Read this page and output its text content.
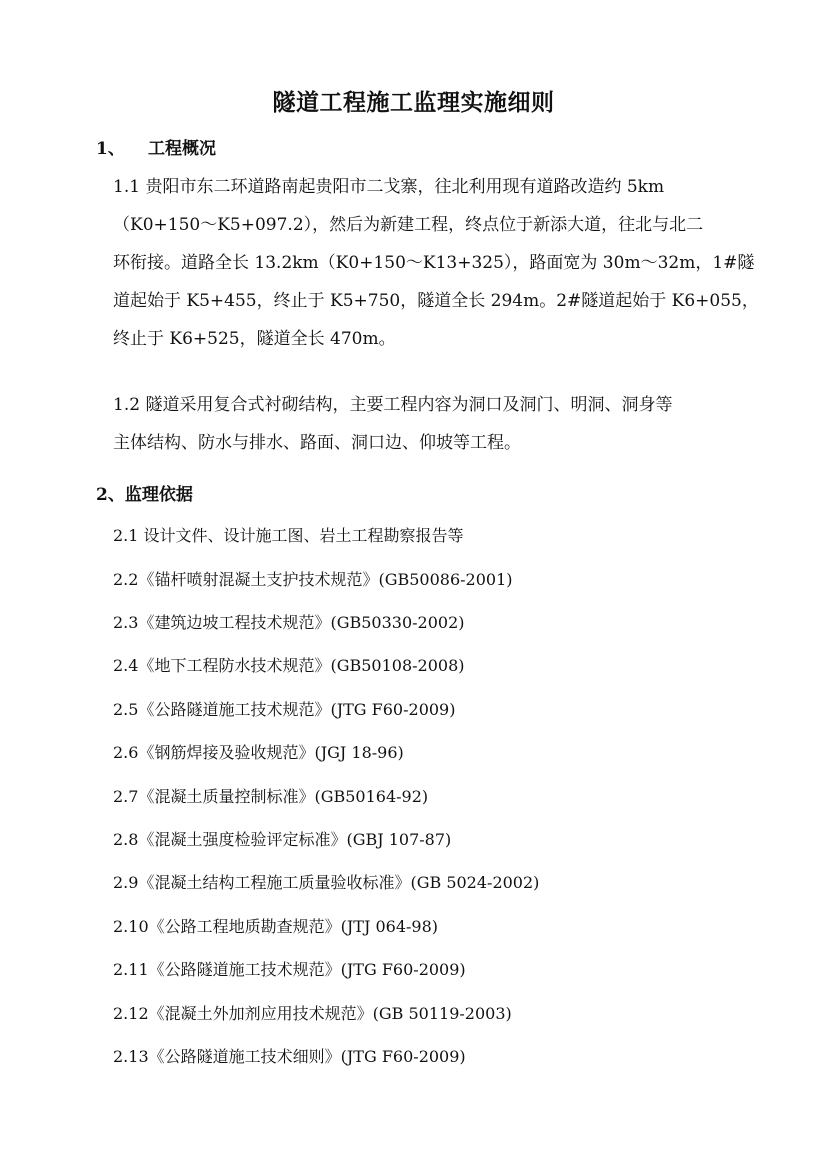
隧道工程施工监理实施细则
1、 工程概况
1.1 贵阳市东二环道路南起贵阳市二戈寨，往北利用现有道路改造约 5km
（K0+150～K5+097.2），然后为新建工程，终点位于新添大道，往北与北二
环衔接。道路全长 13.2km（K0+150～K13+325），路面宽为 30m～32m，1#隧
道起始于 K5+455，终止于 K5+750，隧道全长 294m。2#隧道起始于 K6+055，
终止于 K6+525，隧道全长 470m。
1.2 隧道采用复合式衬砌结构，主要工程内容为洞口及洞门、明洞、洞身等
主体结构、防水与排水、路面、洞口边、仰坡等工程。
2、监理依据
2.1 设计文件、设计施工图、岩土工程勘察报告等
2.2《锚杆喷射混凝土支护技术规范》(GB50086-2001)
2.3《建筑边坡工程技术规范》(GB50330-2002)
2.4《地下工程防水技术规范》(GB50108-2008)
2.5《公路隧道施工技术规范》(JTG F60-2009)
2.6《钢筋焊接及验收规范》(JGJ 18-96)
2.7《混凝土质量控制标准》(GB50164-92)
2.8《混凝土强度检验评定标准》(GBJ 107-87)
2.9《混凝土结构工程施工质量验收标准》(GB 5024-2002)
2.10《公路工程地质勘查规范》(JTJ 064-98)
2.11《公路隧道施工技术规范》(JTG F60-2009)
2.12《混凝土外加剂应用技术规范》(GB 50119-2003)
2.13《公路隧道施工技术细则》(JTG F60-2009)
